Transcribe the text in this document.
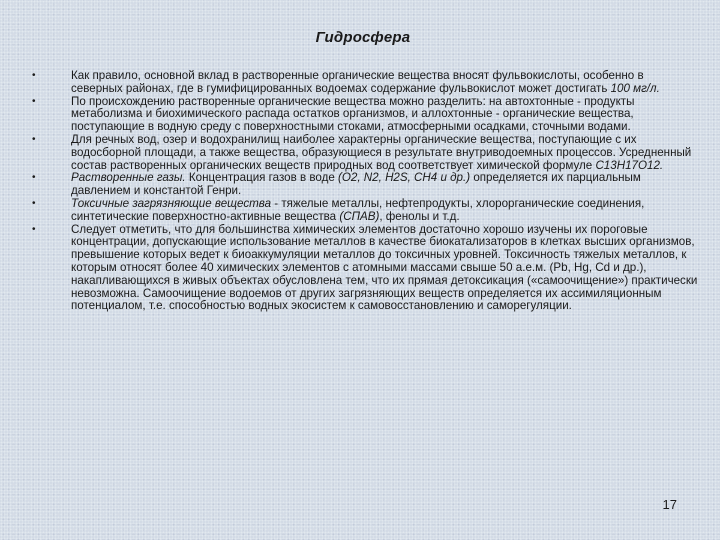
Гидросфера
•	Как правило, основной вклад в растворенные органические вещества вносят фульвокислоты, особенно в северных районах, где в гумифицированных водоемах содержание фульвокислот может достигать 100 мг/л.
•	По происхождению растворенные органические вещества можно разделить: на автохтонные - продукты метаболизма и биохимического распада остатков организмов, и аллохтонные - органические вещества, поступающие в водную среду с поверхностными стоками, атмосферными осадками, сточными водами.
•	Для речных вод, озер и водохранилищ наиболее характерны органические вещества, поступающие с их водосборной площади, а также вещества, образующиеся в результате внутриводоемных процессов. Усредненный состав растворенных органических веществ природных вод соответствует химической формуле С13Н17О12.
•	Растворенные газы. Концентрация газов в воде (О2, N2, H2S, СН4 и др.) определяется их парциальным давлением и константой Генри.
•	Токсичные загрязняющие вещества - тяжелые металлы, нефтепродукты, хлорорганические соединения, синтетические поверхностно-активные вещества (СПАВ), фенолы и т.д.
•	Следует отметить, что для большинства химических элементов достаточно хорошо изучены их пороговые концентрации, допускающие использование металлов в качестве биокатализаторов в клетках высших организмов, превышение которых ведет к биоаккумуляции металлов до токсичных уровней. Токсичность тяжелых металлов, к которым относят более 40 химических элементов с атомными массами свыше 50 а.е.м. (Рb, Hg, Cd и др.), накапливающихся в живых объектах обусловлена тем, что их прямая детоксикация («самоочищение») практически невозможна. Самоочищение водоемов от других загрязняющих веществ определяется их ассимиляционным потенциалом, т.е. способностью водных экосистем к самовосстановлению и саморегуляции.
17
